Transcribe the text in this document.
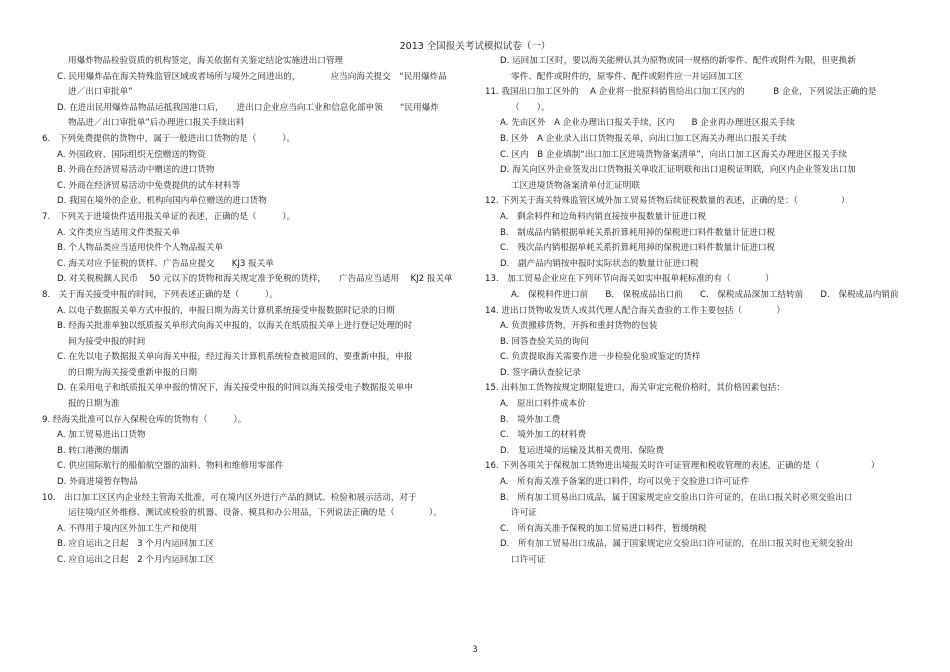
2013 全国报关考试模拟试卷（一）
用爆炸物品检验资质的机构签定，海关依据有关鉴定结论实施进出口管理
C. 民用爆炸品在海关特殊监管区域或者场所与境外之间进出的，　　　　应当向海关提交　“民用爆炸品
进／出口审批单”
D. 在进出民用爆炸品物品运抵我国港口后，　　进出口企业应当向工业和信息化部申领　　“民用爆炸
物品进／出口审批单”后办理进口报关手续出料
6.　下列免费提供的货物中，属于一般进出口货物的是（　　　）。
A. 外国政府、国际组织无偿赠送的物资
B. 外商在经济贸易活动中赠送的进口货物
C. 外商在经济贸易活动中免费提供的试车材料等
D. 我国在境外的企业、机构向国内单位赠送的进口货物
7.　下列关于进境快件适用报关单证的表述，正确的是（　　　）。
A. 文件类应当适用文件类报关单
B. 个人物品类应当适用快件个人物品报关单
C. 海关对应予征税的货样、广告品应提交　　KJ3 报关单
D. 对关税税额人民币　 50 元以下的货物和海关规定准予免税的货样，　　广告品应当适用　 KJ2 报关单
8.　关于海关接受申报的时间，下列表述正确的是（　　　）。
A. 以电子数据报关单方式申报的，申报日期为海关计算机系统接受申报数据时记录的日期
B. 经海关批准单独以纸质报关单形式向海关申报的，以海关在纸质报关单上进行登记处理的时
间为接受申报的时间
C. 在先以电子数据报关单向海关申报，经过海关计算机系统检查被退回的，要重新申报，申报
的日期为海关接受重新申报的日期
D. 在采用电子和纸质报关单申报的情况下，海关接受申报的时间以海关接受电子数据报关单申
报的日期为准
9. 经海关批准可以存入保税仓库的货物有（　　　）。
A. 加工贸易进出口货物
B. 转口港澳的烟酒
C. 供应国际航行的船舶航空器的油料、物料和维修用零部件
D. 外商进境暂存物品
10.　出口加工区区内企业经主管海关批准，可在境内区外进行产品的测试、检验和展示活动，对于
运往境内区外维修、测试或检验的机器、设备、模具和办公用品，下列说法正确的是（　　　　）。
A. 不得用于境内区外加工生产和使用
B. 应自运出之日起　3 个月内运回加工区
C. 应自运出之日起　2 个月内运回加工区
D. 运回加工区时，要以海关能辨认其为原物或同一规格的新零件、配件或附件为限，但更换新
零件、配件或附件的，原零件、配件或附件应一并运回加工区
11. 我国出口加工区外的　 A 企业将一批原料销售给出口加工区内的　　　 B 企业，下列说法正确的是
（　　）。
A. 先由区外　A 企业办理出口报关手续，区内　　B 企业再办理进区报关手续
B. 区外　A 企业录入出口货物报关单，向出口加工区海关办理出口报关手续
C. 区内　B 企业填制“出口加工区进境货物备案清单”，向出口加工区海关办理进区报关手续
D. 海关向区外企业签发出口货物报关单收汇证明联和出口退税证明联，向区内企业签发出口加
工区进境货物备案清单付汇证明联
12. 下列关于海关特殊监管区域外加工贸易货物后续征税数量的表述，正确的是：（　　　　　）
A.　剩余料件和边角料内销直接按申报数量计征进口税
B.　制成品内销根据单耗关系折算耗用掉的保税进口料件数量计征进口税
C.　残次品内销根据单耗关系折算耗用掉的保税进口料件数量计征进口税
D.　副产品内销按申报时实际状态的数量计征进口税
13.　加工贸易企业应在下列环节向海关如实申报单耗标准的有（　　　　）
A.　保税料件进口前　　B.　保税成品出口前　　C.　保税成品深加工结转前　　D.　保税成品内销前
14. 进出口货物收发货人或其代理人配合海关查验的工作主要包括（　　　　）
A. 负责搬移货物，开拆和重封货物的包装
B. 回答查验关员的询问
C. 负责提取海关需要作进一步检验化验或鉴定的货样
D. 签字确认查验记录
15. 出料加工货物按规定期限复进口，海关审定完税价格时，其价格因素包括：
A.　原出口料件成本价
B.　境外加工费
C.　境外加工的材料费
D.　复运进境的运输及其相关费用、保险费
16. 下列各项关于保税加工货物进出境报关时许可证管理和税收管理的表述，正确的是（　　　　　　）
A.　所有海关准予备案的进口料件，均可以免于交验进口许可证件
B.　所有加工贸易出口成品，属于国家规定应交验出口许可证的，在出口报关时必须交验出口
许可证
C.　所有海关准予保税的加工贸易进口料件，暂缓纳税
D.　所有加工贸易出口成品，属于国家规定应交验出口许可证的，在出口报关时也无须交验出
口许可证
3
